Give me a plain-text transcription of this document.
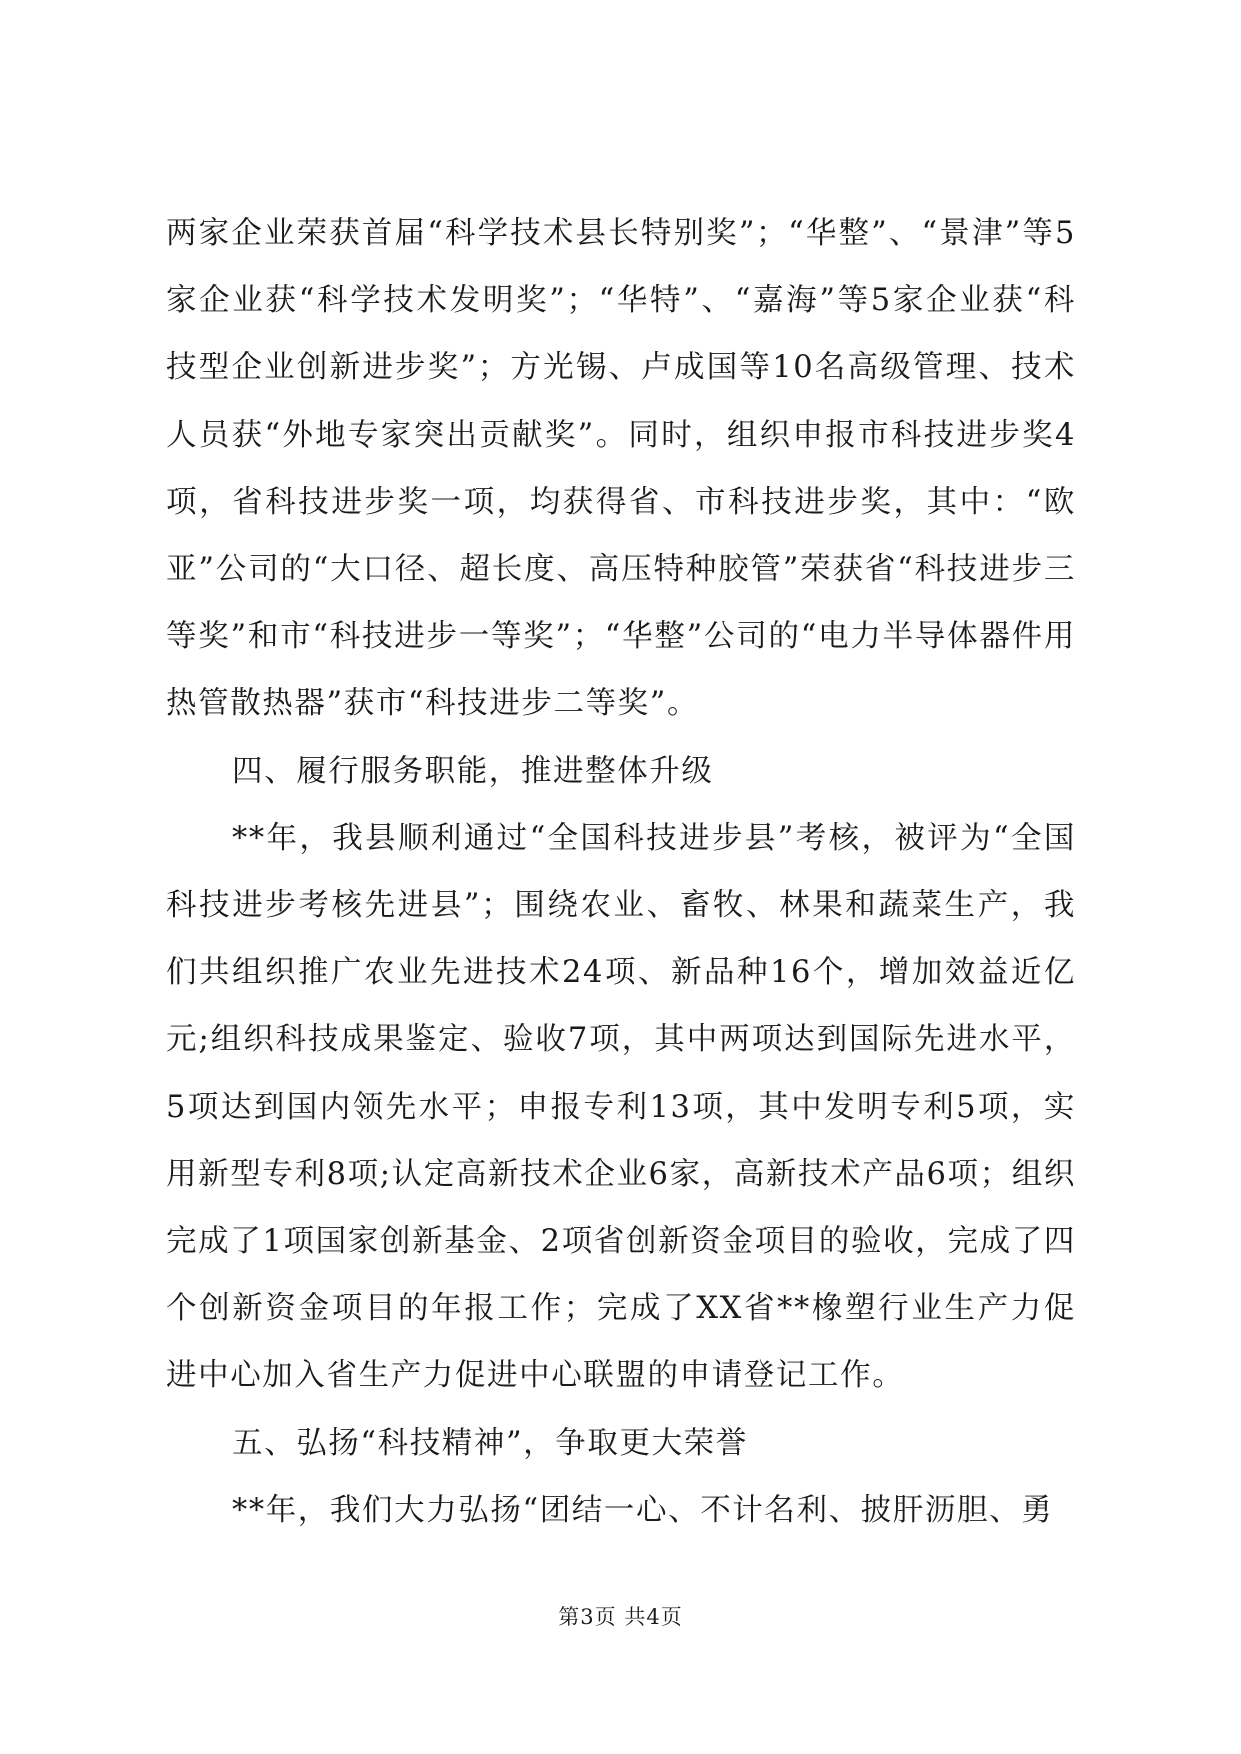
两家企业荣获首届“科学技术县长特别奖”；“华整”、“景津”等5家企业获“科学技术发明奖”；“华特”、“嘉海”等5家企业获“科技型企业创新进步奖”；方光锡、卢成国等10名高级管理、技术人员获“外地专家突出贡献奖”。同时，组织申报市科技进步奖4项，省科技进步奖一项，均获得省、市科技进步奖，其中：“欧亚”公司的“大口径、超长度、高压特种胶管”荣获省“科技进步三等奖”和市“科技进步一等奖”；“华整”公司的“电力半导体器件用热管散热器”获市“科技进步二等奖”。

四、履行服务职能，推进整体升级

**年，我县顺利通过“全国科技进步县”考核，被评为“全国科技进步考核先进县”；围绕农业、畜牧、林果和蔬菜生产，我们共组织推广农业先进技术24项、新品种16个，增加效益近亿元;组织科技成果鉴定、验收7项，其中两项达到国际先进水平，5项达到国内领先水平；申报专利13项，其中发明专利5项，实用新型专利8项;认定高新技术企业6家，高新技术产品6项；组织完成了1项国家创新基金、2项省创新资金项目的验收，完成了四个创新资金项目的年报工作；完成了XX省**橡塑行业生产力促进中心加入省生产力促进中心联盟的申请登记工作。

五、弘扬“科技精神”，争取更大荣誉

**年，我们大力弘扬“团结一心、不计名利、披肝沥胆、勇

第3页 共4页
